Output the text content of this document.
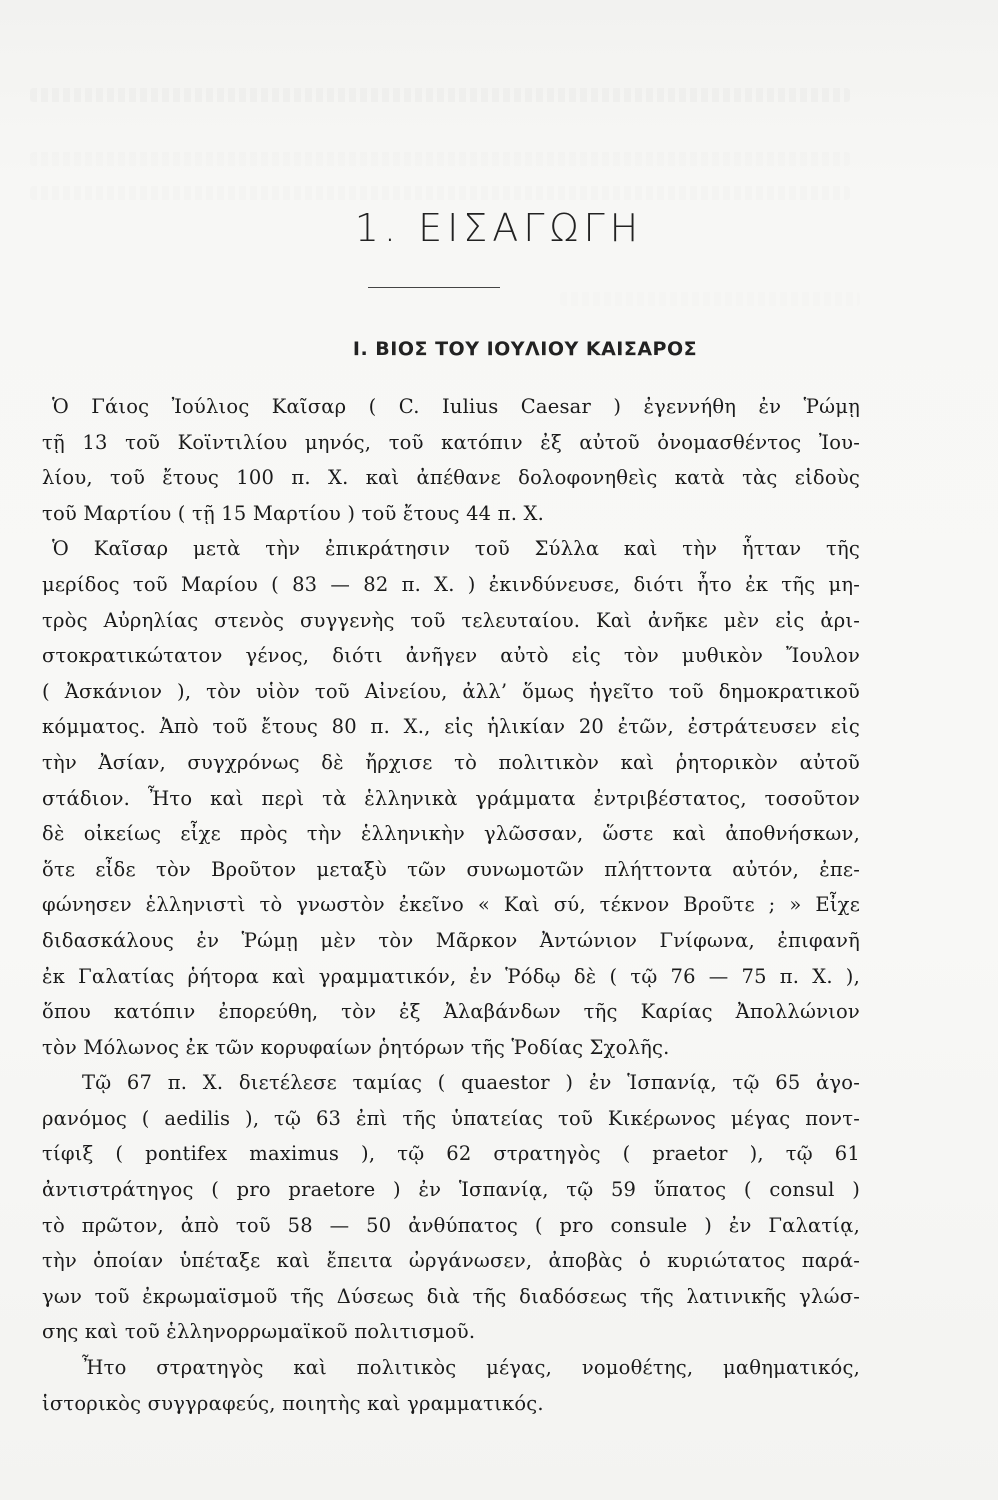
1. ΕΙΣΑΓΩΓΗ
Ι. ΒΙΟΣ ΤΟΥ ΙΟΥΛΙΟΥ ΚΑΙΣΑΡΟΣ
Ὁ Γάιος Ἰούλιος Καῖσαρ ( C. Iulius Caesar ) ἐγεννήθη ἐν Ῥώμῃ
τῇ 13 τοῦ Κοϊντιλίου μηνός, τοῦ κατόπιν ἐξ αὐτοῦ ὀνομασθέντος Ἰου-
λίου, τοῦ ἔτους 100 π. Χ. καὶ ἀπέθανε δολοφονηθεὶς κατὰ τὰς εἰδοὺς
τοῦ Μαρτίου ( τῇ 15 Μαρτίου ) τοῦ ἔτους 44 π. Χ.
Ὁ Καῖσαρ μετὰ τὴν ἐπικράτησιν τοῦ Σύλλα καὶ τὴν ἧτταν τῆς
μερίδος τοῦ Μαρίου ( 83 — 82 π. Χ. ) ἐκινδύνευσε, διότι ἦτο ἐκ τῆς μη-
τρὸς Αὐρηλίας στενὸς συγγενὴς τοῦ τελευταίου. Καὶ ἀνῆκε μὲν εἰς ἀρι-
στοκρατικώτατον γένος, διότι ἀνῆγεν αὐτὸ εἰς τὸν μυθικὸν Ἴουλον
( Ἀσκάνιον ), τὸν υἱὸν τοῦ Αἰνείου, ἀλλ’ ὅμως ἡγεῖτο τοῦ δημοκρατικοῦ
κόμματος. Ἀπὸ τοῦ ἔτους 80 π. Χ., εἰς ἡλικίαν 20 ἐτῶν, ἐστράτευσεν εἰς
τὴν Ἀσίαν, συγχρόνως δὲ ἤρχισε τὸ πολιτικὸν καὶ ῥητορικὸν αὐτοῦ
στάδιον. Ἦτο καὶ περὶ τὰ ἑλληνικὰ γράμματα ἐντριβέστατος, τοσοῦτον
δὲ οἰκείως εἶχε πρὸς τὴν ἑλληνικὴν γλῶσσαν, ὥστε καὶ ἀποθνήσκων,
ὅτε εἶδε τὸν Βροῦτον μεταξὺ τῶν συνωμοτῶν πλήττοντα αὐτόν, ἐπε-
φώνησεν ἑλληνιστὶ τὸ γνωστὸν ἐκεῖνο « Καὶ σύ, τέκνον Βροῦτε ; » Εἶχε
διδασκάλους ἐν Ῥώμῃ μὲν τὸν Μᾶρκον Ἀντώνιον Γνίφωνα, ἐπιφανῆ
ἐκ Γαλατίας ῥήτορα καὶ γραμματικόν, ἐν Ῥόδῳ δὲ ( τῷ 76 — 75 π. Χ. ),
ὅπου κατόπιν ἐπορεύθη, τὸν ἐξ Ἀλαβάνδων τῆς Καρίας Ἀπολλώνιον
τὸν Μόλωνος ἐκ τῶν κορυφαίων ῥητόρων τῆς Ῥοδίας Σχολῆς.
Τῷ 67 π. Χ. διετέλεσε ταμίας ( quaestor ) ἐν Ἱσπανίᾳ, τῷ 65 ἀγο-
ρανόμος ( aedilis ), τῷ 63 ἐπὶ τῆς ὑπατείας τοῦ Κικέρωνος μέγας ποντ-
τίφιξ ( pontifex maximus ), τῷ 62 στρατηγὸς ( praetor ), τῷ 61
ἀντιστράτηγος ( pro praetore ) ἐν Ἱσπανίᾳ, τῷ 59 ὕπατος ( consul )
τὸ πρῶτον, ἀπὸ τοῦ 58 — 50 ἀνθύπατος ( pro consule ) ἐν Γαλατίᾳ,
τὴν ὁποίαν ὑπέταξε καὶ ἔπειτα ὠργάνωσεν, ἀποβὰς ὁ κυριώτατος παρά-
γων τοῦ ἐκρωμαϊσμοῦ τῆς Δύσεως διὰ τῆς διαδόσεως τῆς λατινικῆς γλώσ-
σης καὶ τοῦ ἑλληνορρωμαϊκοῦ πολιτισμοῦ.
Ἦτο στρατηγὸς καὶ πολιτικὸς μέγας, νομοθέτης, μαθηματικός,
ἱστορικὸς συγγραφεύς, ποιητὴς καὶ γραμματικός.
